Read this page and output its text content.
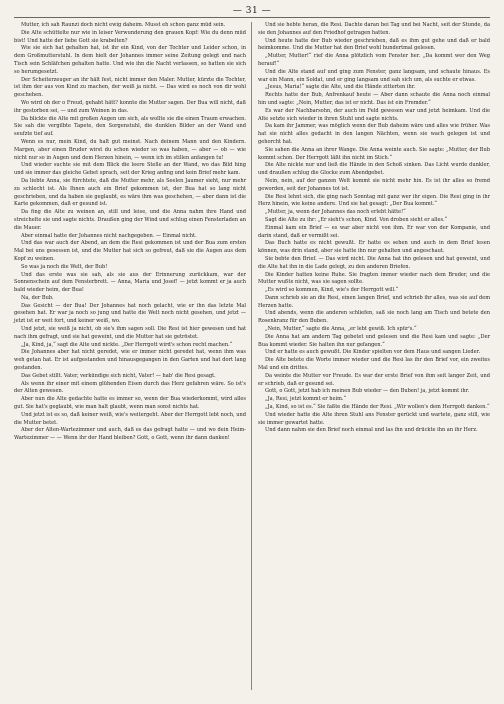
— 31 —

Mutter, ich sah Raunzi doch nicht ewig daheim. Musst eh schon ganz müd sein.

Die Alte schüttelte nur wie in leiser Verwunderung den grauen Kopf: Wie du denn müd bist! Und hatte der liebe Gott sie krabelten?

Wie sie sich hat gehalten hat, ist ihr ein Kind, von der Tochter und Leider schon, in dem Großmutterstuhl. In dem hielt der Johannes immer seine Zeitung gelegt und nach Tisch sein Schläfchen gehalten hatte. Und wie ihn die Nacht verlassen, so hatten sie sich so herumgesetzt.

Der Scheiterzeuger an ihr hält fest, nicht immer den Maler. Mutter, kürzte die Tochter, ist ihm der aus von Kind zu machen, der weiß ja nicht. — Das wird es noch von dir wohl geschehen.

Wo wird ob der o Freud, gehabt hätt? konnte die Mutter sagen. Der Bua will nicht, daß ihr gestorben sei, — und zum Weinen in das.

Da blickte die Alte mit großen Augen um sich, als wollte sie die einen Traum erwachen. Sie sah die vergilbte Tapete, den Sorgenstuhl, die dunklen Bilder an der Wand und seufzte tief auf.

Wenn es nur, mein Kind, du halt gut meinst. Nach deinem Mann und den Kindern. Margen, aber einen Bruder wirst du schon wieder so was haben, — aber — ob — wie nicht nur so in Augen und dem Herzen hinein, — wenn ich im stillen anfangen tu!

Und wieder suchte sie mit dem Blick die leere Stelle an der Wand, wo das Bild hing und sie immer das gleiche Gebet sprach, seit der Krieg anfing und kein Brief mehr kam.

Da liebte Anna, sie fürchtete, daß die Mutter mehr, als Seelen Jaumer sieht, nur mehr zu schlecht ist. Als Ihnen auch ein Brief gekommen ist, der Bua hat so lang nicht geschrieben, und da haben sie geglaubt, es wäre ihm was geschehen, — aber dann ist die Karte gekommen, daß er gesund ist.

Da fing die Alte zu weinen an, still und leise, und die Anna nahm ihre Hand und streichelte sie und sagte nichts. Draußen ging der Wind und schlug einen Fensterladen an die Mauer.

Aber einmal hatte der Johannes nicht nachgegeben. — Einmal nicht.

Und das war auch der Abend, an dem die Resi gekommen ist und der Bua zum ersten Mal bei uns gesessen ist, und die Mutter hat sich so gefreut, daß sie die Augen aus dem Kopf zu weinen.

So was ja noch die Welt, der Bub!

Und das erste was sie sah, als sie aus der Erinnerung zurückkam, war der Sonnenschein auf dem Fensterbrett. — Anna, Maria und Josef! — jetzt kommt er ja auch bald wieder heim, der Bua!

Na, der Bub.

Das Gesicht — der Bua! Der Johannes hat noch gelacht, wie er ihn das letzte Mal gesehen hat. Er war ja noch so jung und hatte die Welt noch nicht gesehen, und jetzt — jetzt ist er weit fort, und keiner weiß, wo.

Und jetzt, sie weiß ja nicht, ob sie's ihm sagen soll. Die Resi ist hier gewesen und hat nach ihm gefragt, und sie hat geweint, und die Mutter hat sie getröstet.

„Ja, Kind, ja,“ sagt die Alte und nickte. „Der Herrgott wird's schon recht machen.“

Die Johannes aber hat nicht geredet, wie er immer nicht geredet hat, wenn ihm was weh getan hat. Er ist aufgestanden und hinausgegangen in den Garten und hat dort lang gestanden.

Das Gebet stillt. Vater, verkündige sich nicht, Vater! — hab' die Resi gesagt.

Als wenn ihr einer mit einem glühenden Eisen durch das Herz gefahren wäre. So ist's der Alten gewesen.

Aber nun die Alte gedachte hatte es immer so, wenn der Bua wiederkommt, wird alles gut. Sie hat's geglaubt, wie man halt glaubt, wenn man sonst nichts hat.

Und jetzt ist es so, daß keiner weiß, wie's weitergeht. Aber der Herrgott lebt noch, und die Mutter betet.

Aber der Alten-Wartezimmer und auch, daß es das gefragt hatte — und wo dein Heim-Wartezimmer — — Wenn ihr der Hand bleiben? Gott, o Gott, wenn ihr dann danken!

Und sie hebte heran, die Resi. Dachte daran bei Tag und bei Nacht, seit der Stunde, da sie den Johannes auf den Friedhof getragen hatten.

Und heute hatte der Bub wieder geschrieben, daß es ihm gut gehe und daß er bald heimkomme. Und die Mutter hat den Brief wohl hundertmal gelesen.

„Mutter, Mutter!“ rief die Anna plötzlich vom Fenster her. „Da kommt wer den Weg herauf!“

Und die Alte stand auf und ging zum Fenster, ganz langsam, und schaute hinaus. Es war ein Mann, ein Soldat, und er ging langsam und sah sich um, als suchte er etwas.

„Jesus, Maria!“ sagte die Alte, und die Hände zitterten ihr.

Rechts hatte der Bub, Anfrenkauf heute — Aber dann schaute die Anna noch einmal hin und sagte: „Nein, Mutter, das ist er nicht. Das ist ein Fremder.“

Es war der Nachbarsohn, der auch im Feld gewesen war und jetzt heimkam. Und die Alte setzte sich wieder in ihren Stuhl und sagte nichts.

Da kam ihr Jammer, was möglich wenn der Bub daheim wäre und alles wie früher. Was hat sie nicht alles gedacht in den langen Nächten, wenn sie wach gelegen ist und gehorcht hat.

Sie sahen die Anna an ihrer Wange. Die Anna weinte auch. Sie sagte: „Mutter, der Bub kommt schon. Der Herrgott läßt ihn nicht im Stich.“

Die Alte nickte nur und ließ die Hände in den Schoß sinken. Das Licht wurde dunkler, und draußen schlug die Glocke zum Abendgebet.

Nein, nein, auf der ganzen Welt kommt sie nicht mehr hin. Es ist ihr alles so fremd geworden, seit der Johannes tot ist.

Die Resi lehnt sich, die ging nach Sonntag mit ganz wer ihr eigen. Die Resi ging in ihr Herz hinein, wie keine andere. Und sie hat gesagt: „Der Bua kommt.“

„Mutter, ja, wenn der Johannes das noch erlebt hätte!“

Sagt die Alte zu ihr: „Er sieht's schon, Kind. Von droben sieht er alles.“

Einmal kam ein Brief — es war aber nicht von ihm. Er war von der Kompanie, und darin stand, daß er vermißt sei.

Das Buch hatte es nicht gewußt. Er hatte es sehen und auch in dem Brief lesen können, was drin stand, aber sie hatte ihn nur gehalten und angeschaut.

Sie bebte den Brief. — Das wird nicht. Die Anna hat ihn gelesen und hat geweint, und die Alte hat ihn in die Lade gelegt, zu den anderen Briefen.

Die Kinder hatten keine Ruhe. Sie fragten immer wieder nach dem Bruder, und die Mutter wußte nicht, was sie sagen sollte.

„Es wird so kommen, Kind, wie's der Herrgott will.“

Dann schrieb sie an die Resi, einen langen Brief, und schrieb ihr alles, was sie auf dem Herzen hatte.

Und abends, wenn die anderen schliefen, saß sie noch lang am Tisch und betete den Rosenkranz für den Buben.

„Nein, Mutter,“ sagte die Anna, „er lebt gewiß. Ich spür's.“

Die Anna hat am andern Tag gebetet und gelesen und die Resi kam und sagte: „Der Bua kommt wieder. Sie halten ihn nur gefangen.“

Und er hatte es auch gewußt. Die Kinder spielten vor dem Haus und sangen Lieder.

Die Alte betete die Worte immer wieder und die Resi las ihr den Brief vor, ein zweites Mal und ein drittes.

Da weinte die Mutter vor Freude. Es war der erste Brief von ihm seit langer Zeit, und er schrieb, daß er gesund sei.

Gott, o Gott, jetzt hab ich meinen Bub wieder — den Buben! ja, jetzt kommt ihr.

„Ja, Resi, jetzt kommt er heim.“

„Ja, Kind, so ist es.“ Sie faßte die Hände der Resi. „Wir wollen's dem Herrgott danken.“

Und wieder hatte die Alte ihren Stuhl ans Fenster gerückt und wartete, ganz still, wie sie immer gewartet hatte.

Und dann nahm sie den Brief noch einmal und las ihn und drückte ihn an ihr Herz.
